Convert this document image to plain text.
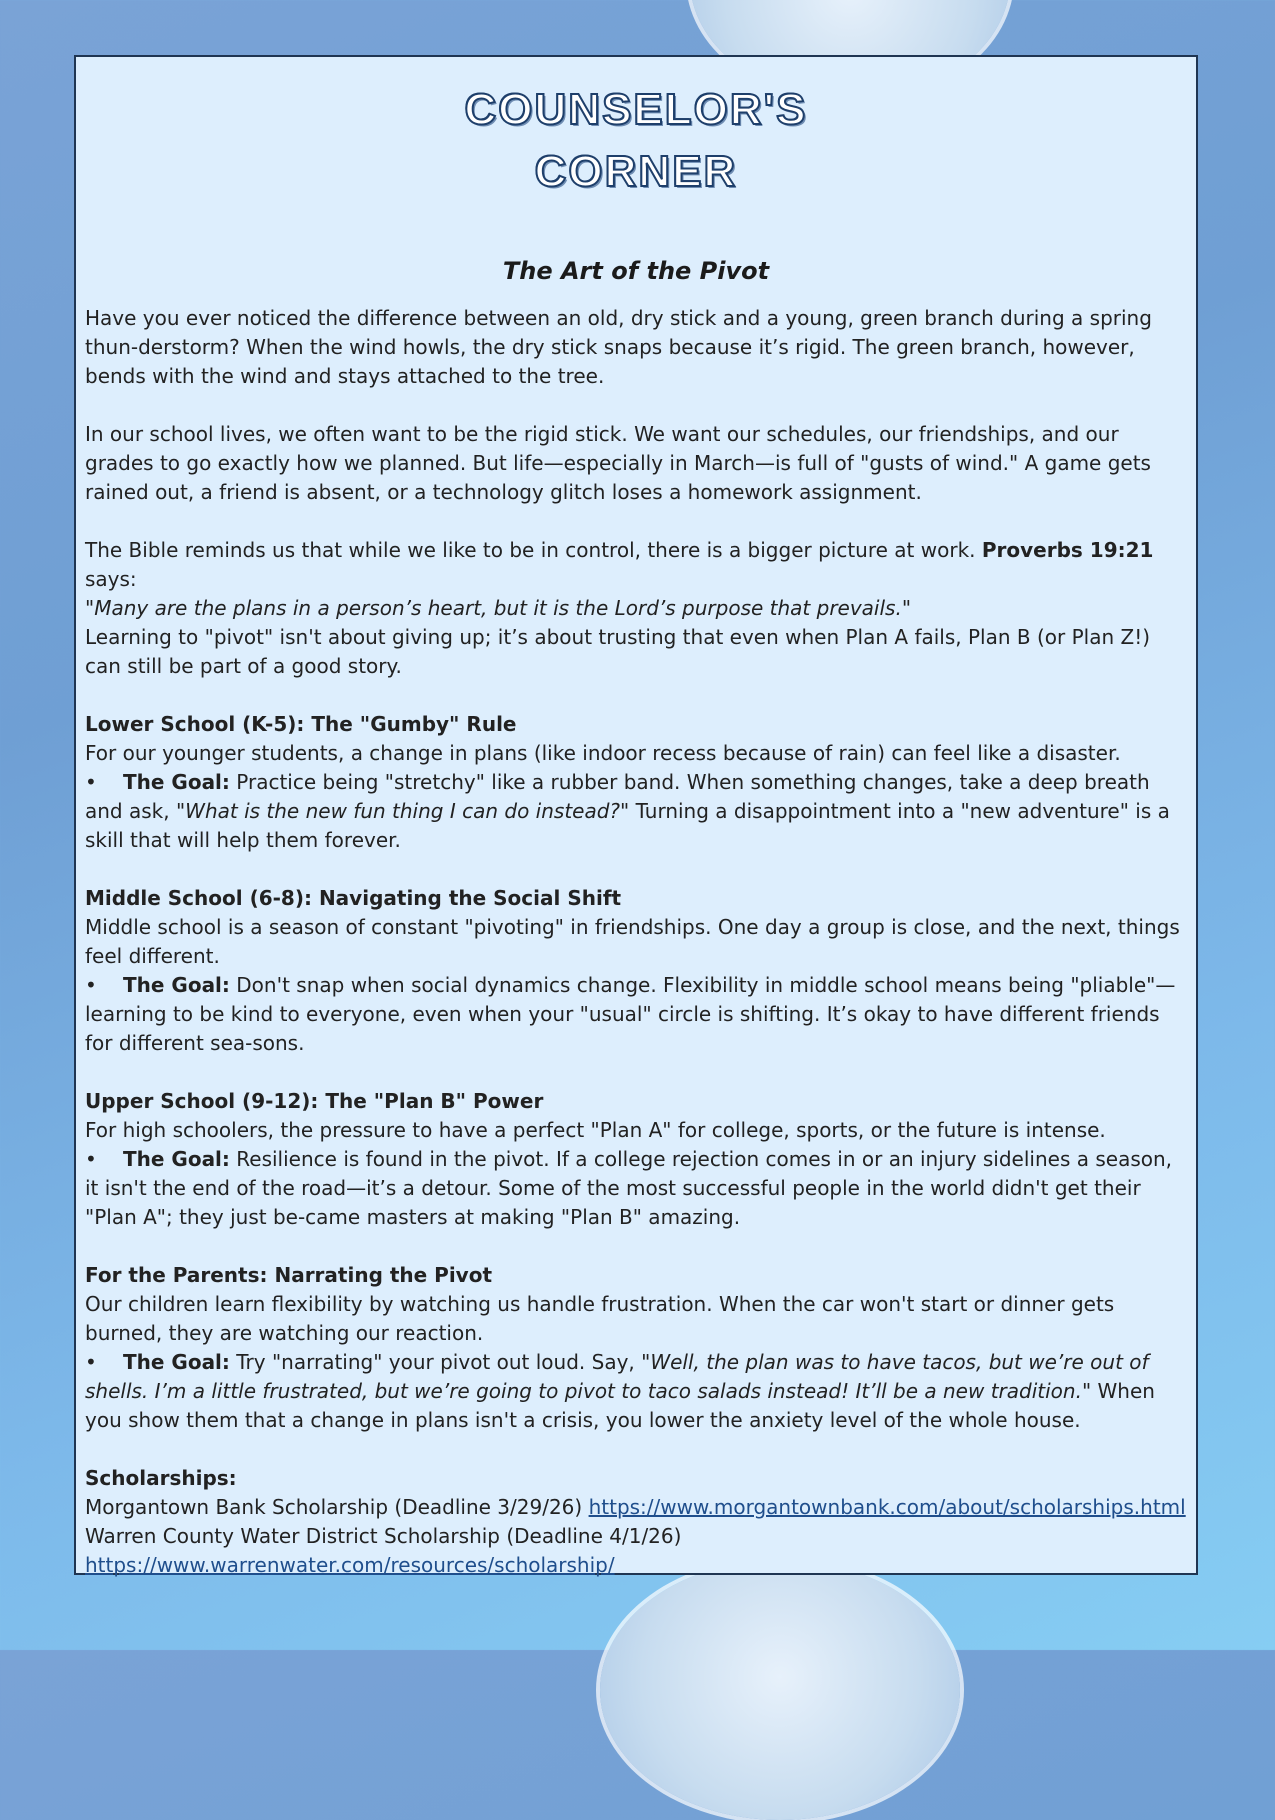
COUNSELOR'S
CORNER
The Art of the Pivot

Have you ever noticed the difference between an old, dry stick and a young, green branch during a spring thun-derstorm? When the wind howls, the dry stick snaps because it’s rigid. The green branch, however, bends with the wind and stays attached to the tree.

In our school lives, we often want to be the rigid stick. We want our schedules, our friendships, and our grades to go exactly how we planned. But life—especially in March—is full of "gusts of wind." A game gets rained out, a friend is absent, or a technology glitch loses a homework assignment.

The Bible reminds us that while we like to be in control, there is a bigger picture at work. Proverbs 19:21 says:
"Many are the plans in a person’s heart, but it is the Lord’s purpose that prevails."
Learning to "pivot" isn't about giving up; it’s about trusting that even when Plan A fails, Plan B (or Plan Z!) can still be part of a good story.
Lower School (K-5): The "Gumby" Rule
For our younger students, a change in plans (like indoor recess because of rain) can feel like a disaster.
• The Goal: Practice being "stretchy" like a rubber band. When something changes, take a deep breath and ask, "What is the new fun thing I can do instead?" Turning a disappointment into a "new adventure" is a skill that will help them forever.
Middle School (6-8): Navigating the Social Shift
Middle school is a season of constant "pivoting" in friendships. One day a group is close, and the next, things feel different.
• The Goal: Don't snap when social dynamics change. Flexibility in middle school means being "pliable"—learning to be kind to everyone, even when your "usual" circle is shifting. It’s okay to have different friends for different sea-sons.
Upper School (9-12): The "Plan B" Power
For high schoolers, the pressure to have a perfect "Plan A" for college, sports, or the future is intense.
• The Goal: Resilience is found in the pivot. If a college rejection comes in or an injury sidelines a season, it isn't the end of the road—it’s a detour. Some of the most successful people in the world didn't get their "Plan A"; they just be-came masters at making "Plan B" amazing.
For the Parents: Narrating the Pivot
Our children learn flexibility by watching us handle frustration. When the car won't start or dinner gets burned, they are watching our reaction.
• The Goal: Try "narrating" your pivot out loud. Say, "Well, the plan was to have tacos, but we’re out of shells. I’m a little frustrated, but we’re going to pivot to taco salads instead! It’ll be a new tradition." When you show them that a change in plans isn't a crisis, you lower the anxiety level of the whole house.
Scholarships:
Morgantown Bank Scholarship (Deadline 3/29/26) https://www.morgantownbank.com/about/scholarships.html
Warren County Water District Scholarship (Deadline 4/1/26) https://www.warrenwater.com/resources/scholarship/
